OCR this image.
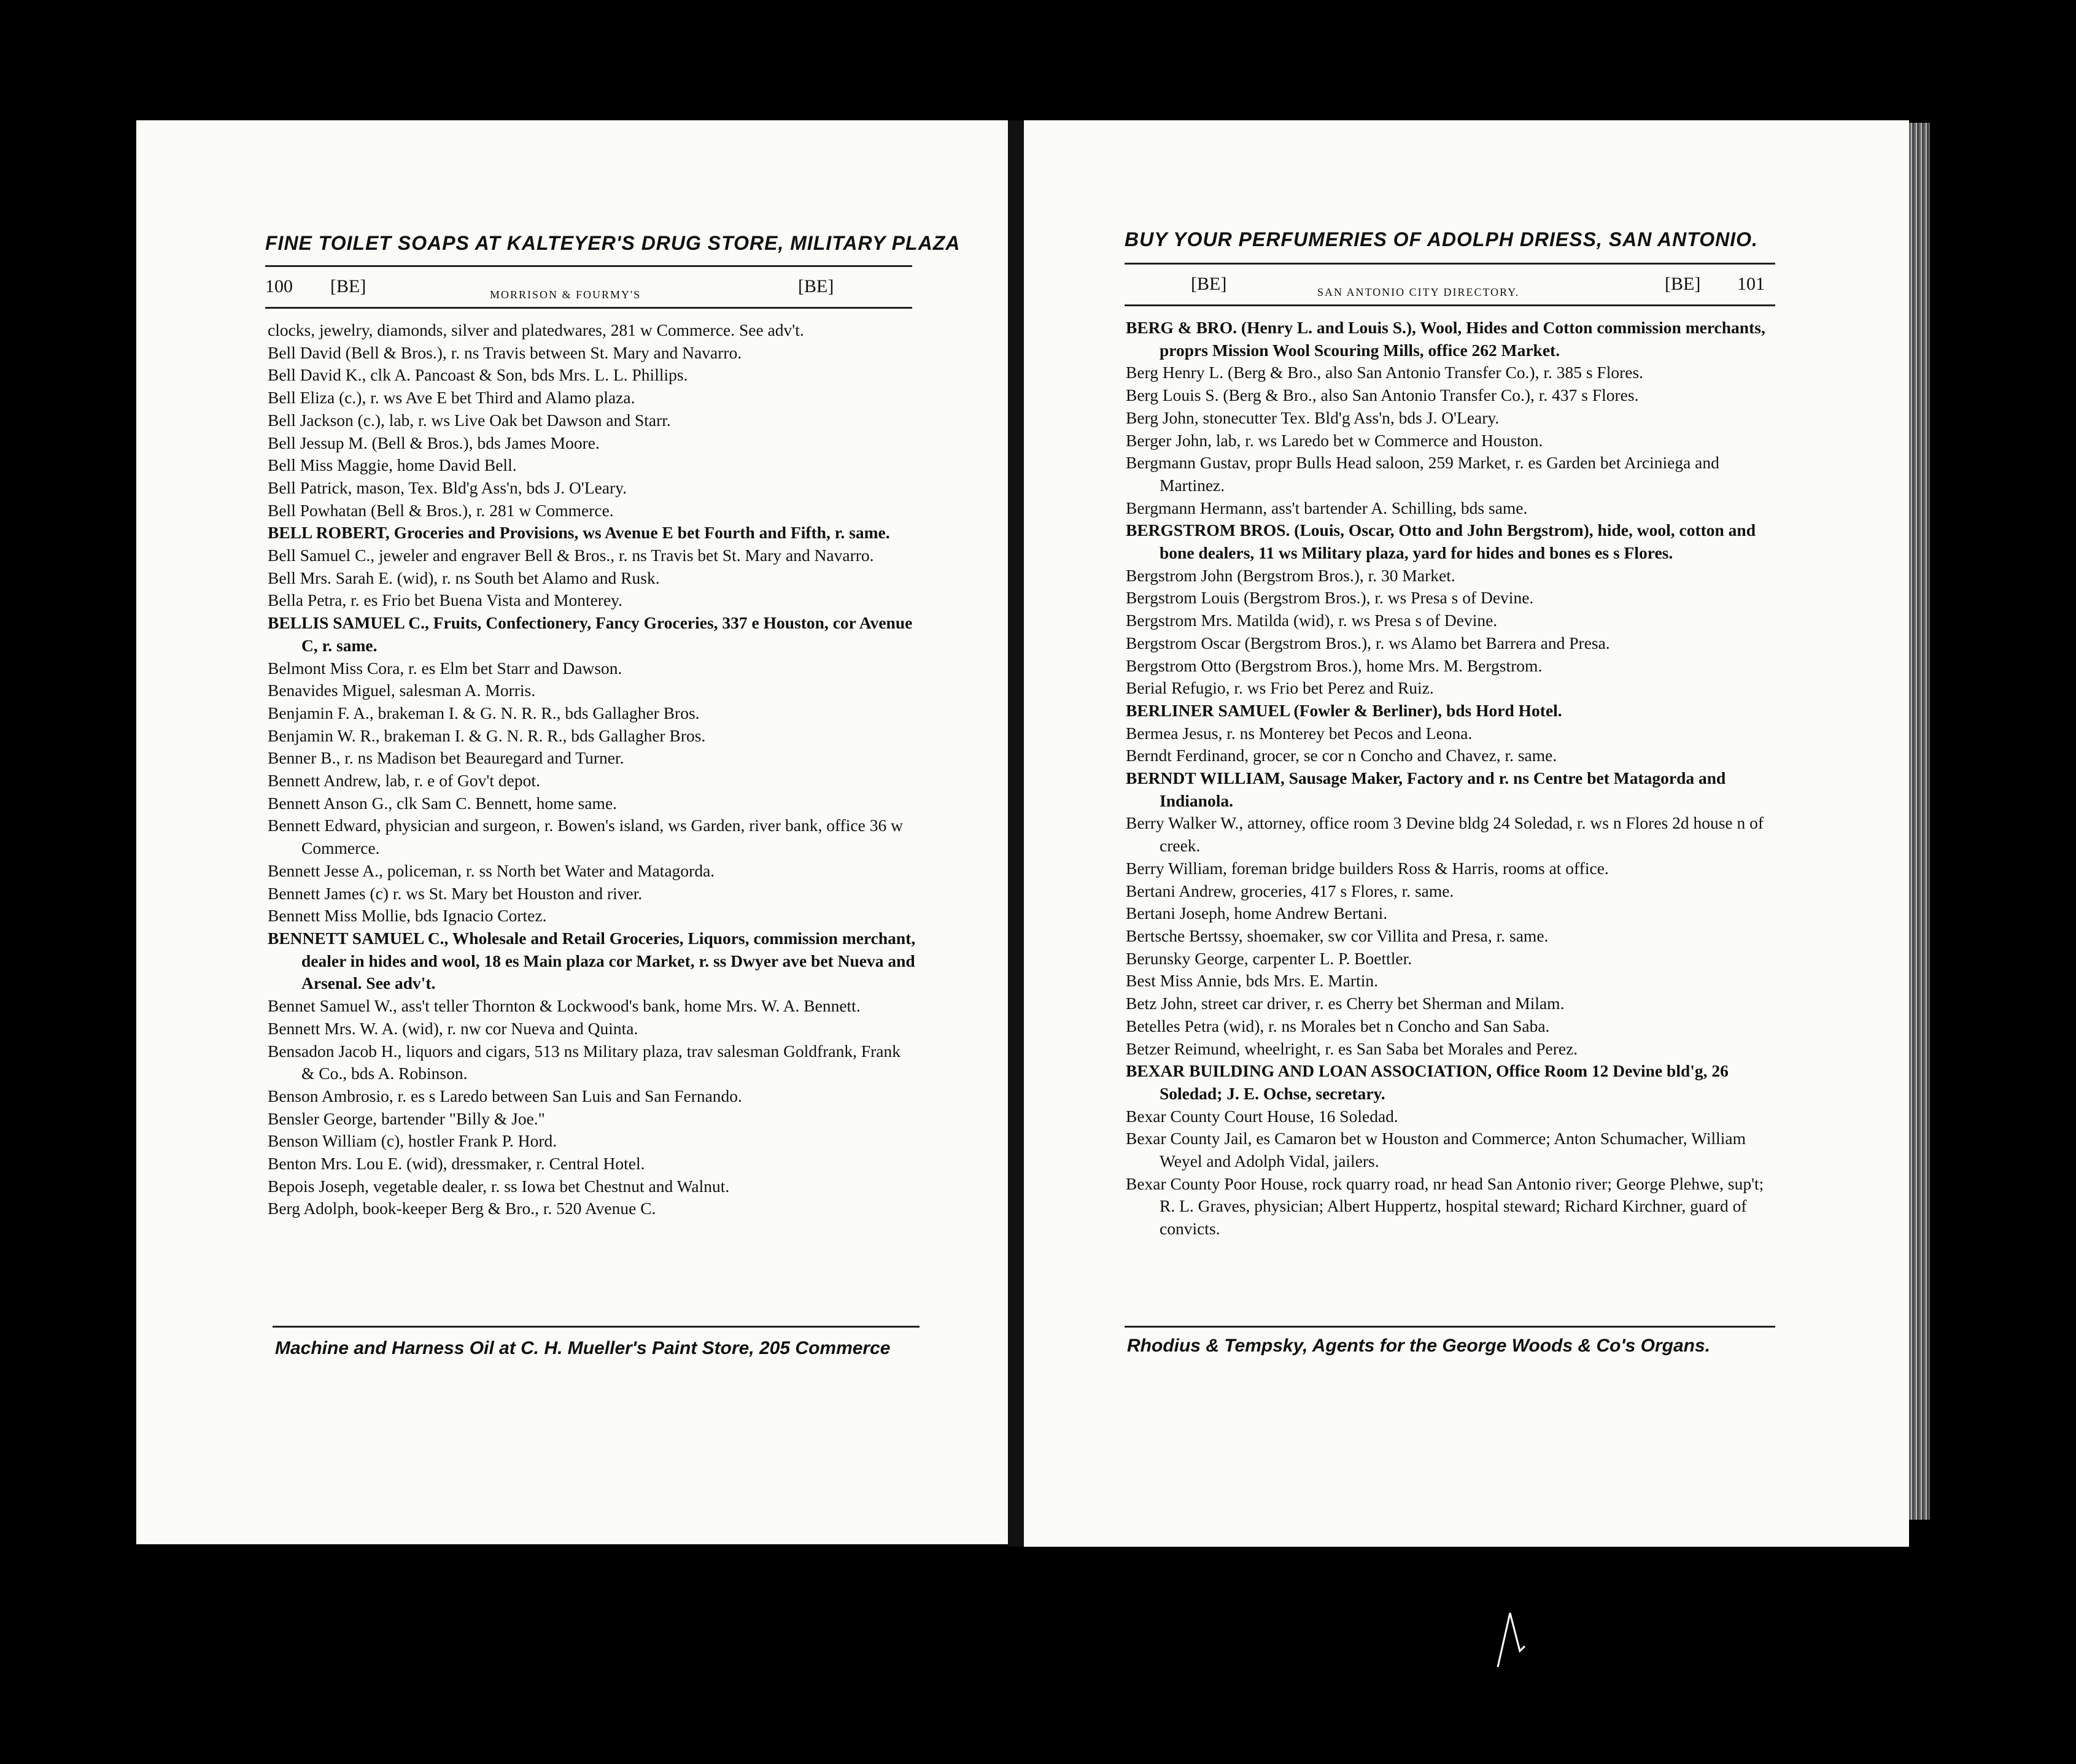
FINE TOILET SOAPS AT KALTEYER'S DRUG STORE, MILITARY PLAZA
100 [BE]	MORRISON & FOURMY'S	[BE]
clocks, jewelry, diamonds, silver and platedwares, 281 w Commerce. See adv't.
Bell David (Bell & Bros.), r. ns Travis between St. Mary and Navarro.
Bell David K., clk A. Pancoast & Son, bds Mrs. L. L. Phillips.
Bell Eliza (c.), r. ws Ave E bet Third and Alamo plaza.
Bell Jackson (c.), lab, r. ws Live Oak bet Dawson and Starr.
Bell Jessup M. (Bell & Bros.), bds James Moore.
Bell Miss Maggie, home David Bell.
Bell Patrick, mason, Tex. Bld'g Ass'n, bds J. O'Leary.
Bell Powhatan (Bell & Bros.), r. 281 w Commerce.
BELL ROBERT, Groceries and Provisions, ws Avenue E bet Fourth and Fifth, r. same.
Bell Samuel C., jeweler and engraver Bell & Bros., r. ns Travis bet St. Mary and Navarro.
Bell Mrs. Sarah E. (wid), r. ns South bet Alamo and Rusk.
Bella Petra, r. es Frio bet Buena Vista and Monterey.
BELLIS SAMUEL C., Fruits, Confectionery, Fancy Groceries, 337 e Houston, cor Avenue C, r. same.
Belmont Miss Cora, r. es Elm bet Starr and Dawson.
Benavides Miguel, salesman A. Morris.
Benjamin F. A., brakeman I. & G. N. R. R., bds Gallagher Bros.
Benjamin W. R., brakeman I. & G. N. R. R., bds Gallagher Bros.
Benner B., r. ns Madison bet Beauregard and Turner.
Bennett Andrew, lab, r. e of Gov't depot.
Bennett Anson G., clk Sam C. Bennett, home same.
Bennett Edward, physician and surgeon, r. Bowen's island, ws Garden, river bank, office 36 w Commerce.
Bennett Jesse A., policeman, r. ss North bet Water and Matagorda.
Bennett James (c) r. ws St. Mary bet Houston and river.
Bennett Miss Mollie, bds Ignacio Cortez.
BENNETT SAMUEL C., Wholesale and Retail Groceries, Liquors, commission merchant, dealer in hides and wool, 18 es Main plaza cor Market, r. ss Dwyer ave bet Nueva and Arsenal. See adv't.
Bennet Samuel W., ass't teller Thornton & Lockwood's bank, home Mrs. W. A. Bennett.
Bennett Mrs. W. A. (wid), r. nw cor Nueva and Quinta.
Bensadon Jacob H., liquors and cigars, 513 ns Military plaza, trav salesman Goldfrank, Frank & Co., bds A. Robinson.
Benson Ambrosio, r. es s Laredo between San Luis and San Fernando.
Bensler George, bartender "Billy & Joe."
Benson William (c), hostler Frank P. Hord.
Benton Mrs. Lou E. (wid), dressmaker, r. Central Hotel.
Bepois Joseph, vegetable dealer, r. ss Iowa bet Chestnut and Walnut.
Berg Adolph, book-keeper Berg & Bro., r. 520 Avenue C.
Machine and Harness Oil at C. H. Mueller's Paint Store, 205 Commerce
BUY YOUR PERFUMERIES OF ADOLPH DRIESS, SAN ANTONIO.
[BE]	SAN ANTONIO CITY DIRECTORY.	[BE] 101
BERG & BRO. (Henry L. and Louis S.), Wool, Hides and Cotton commission merchants, proprs Mission Wool Scouring Mills, office 262 Market.
Berg Henry L. (Berg & Bro., also San Antonio Transfer Co.), r. 385 s Flores.
Berg Louis S. (Berg & Bro., also San Antonio Transfer Co.), r. 437 s Flores.
Berg John, stonecutter Tex. Bld'g Ass'n, bds J. O'Leary.
Berger John, lab, r. ws Laredo bet w Commerce and Houston.
Bergmann Gustav, propr Bulls Head saloon, 259 Market, r. es Garden bet Arciniega and Martinez.
Bergmann Hermann, ass't bartender A. Schilling, bds same.
BERGSTROM BROS. (Louis, Oscar, Otto and John Bergstrom), hide, wool, cotton and bone dealers, 11 ws Military plaza, yard for hides and bones es s Flores.
Bergstrom John (Bergstrom Bros.), r. 30 Market.
Bergstrom Louis (Bergstrom Bros.), r. ws Presa s of Devine.
Bergstrom Mrs. Matilda (wid), r. ws Presa s of Devine.
Bergstrom Oscar (Bergstrom Bros.), r. ws Alamo bet Barrera and Presa.
Bergstrom Otto (Bergstrom Bros.), home Mrs. M. Bergstrom.
Berial Refugio, r. ws Frio bet Perez and Ruiz.
BERLINER SAMUEL (Fowler & Berliner), bds Hord Hotel.
Bermea Jesus, r. ns Monterey bet Pecos and Leona.
Berndt Ferdinand, grocer, se cor n Concho and Chavez, r. same.
BERNDT WILLIAM, Sausage Maker, Factory and r. ns Centre bet Matagorda and Indianola.
Berry Walker W., attorney, office room 3 Devine bldg 24 Soledad, r. ws n Flores 2d house n of creek.
Berry William, foreman bridge builders Ross & Harris, rooms at office.
Bertani Andrew, groceries, 417 s Flores, r. same.
Bertani Joseph, home Andrew Bertani.
Bertsche Bertssy, shoemaker, sw cor Villita and Presa, r. same.
Berunsky George, carpenter L. P. Boettler.
Best Miss Annie, bds Mrs. E. Martin.
Betz John, street car driver, r. es Cherry bet Sherman and Milam.
Betelles Petra (wid), r. ns Morales bet n Concho and San Saba.
Betzer Reimund, wheelright, r. es San Saba bet Morales and Perez.
BEXAR BUILDING AND LOAN ASSOCIATION, Office Room 12 Devine bld'g, 26 Soledad; J. E. Ochse, secretary.
Bexar County Court House, 16 Soledad.
Bexar County Jail, es Camaron bet w Houston and Commerce; Anton Schumacher, William Weyel and Adolph Vidal, jailers.
Bexar County Poor House, rock quarry road, nr head San Antonio river; George Plehwe, sup't; R. L. Graves, physician; Albert Huppertz, hospital steward; Richard Kirchner, guard of convicts.
Rhodius & Tempsky, Agents for the George Woods & Co's Organs.
